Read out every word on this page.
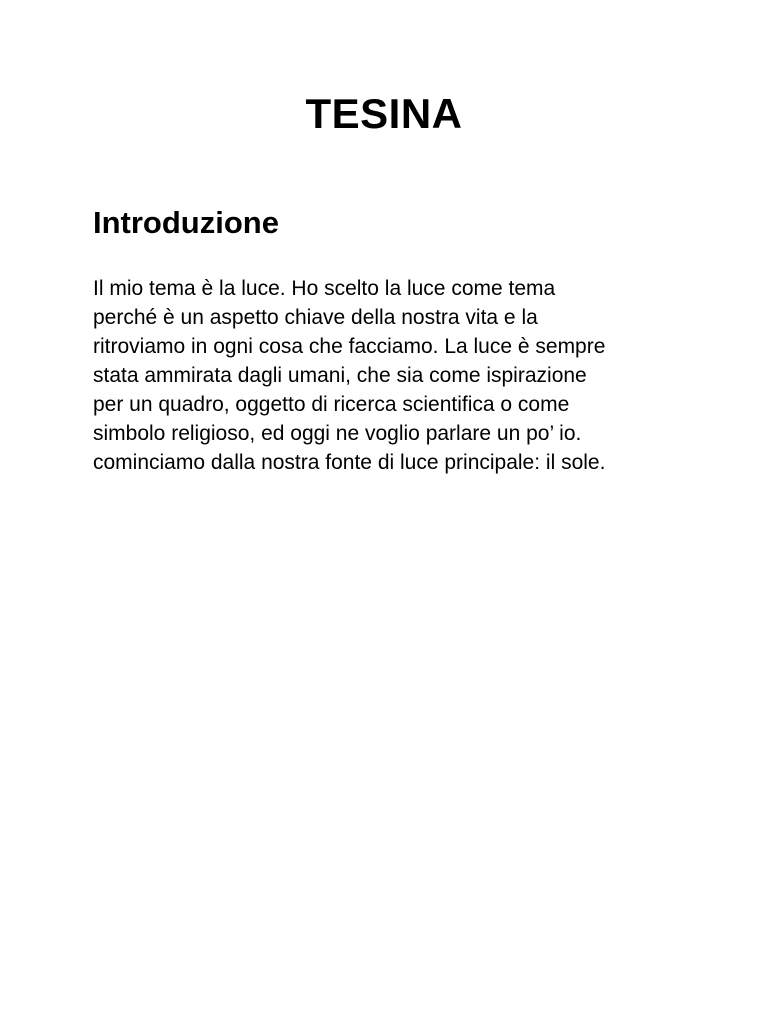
TESINA
Introduzione

Il mio tema è la luce. Ho scelto la luce come tema
perché è un aspetto chiave della nostra vita e la
ritroviamo in ogni cosa che facciamo. La luce è sempre
stata ammirata dagli umani, che sia come ispirazione
per un quadro, oggetto di ricerca scientifica o come
simbolo religioso, ed oggi ne voglio parlare un po’ io.
cominciamo dalla nostra fonte di luce principale: il sole.
